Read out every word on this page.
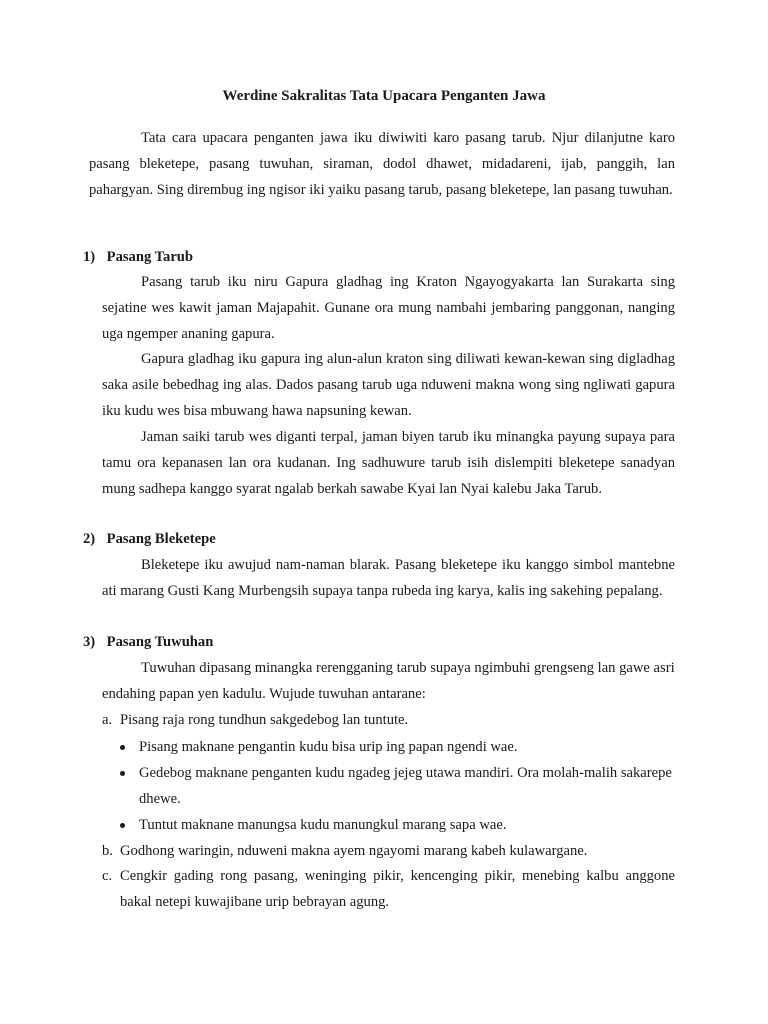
Werdine Sakralitas Tata Upacara Penganten Jawa

Tata cara upacara penganten jawa iku diwiwiti karo pasang tarub. Njur dilanjutne karo pasang bleketepe, pasang tuwuhan, siraman, dodol dhawet, midadareni, ijab, panggih, lan pahargyan. Sing dirembug ing ngisor iki yaiku pasang tarub, pasang bleketepe, lan pasang tuwuhan.

1) Pasang Tarub

Pasang tarub iku niru Gapura gladhag ing Kraton Ngayogyakarta lan Surakarta sing sejatine wes kawit jaman Majapahit. Gunane ora mung nambahi jembaring panggonan, nanging uga ngemper ananing gapura.

Gapura gladhag iku gapura ing alun-alun kraton sing diliwati kewan-kewan sing digladhag saka asile bebedhag ing alas. Dados pasang tarub uga nduweni makna wong sing ngliwati gapura iku kudu wes bisa mbuwang hawa napsuning kewan.

Jaman saiki tarub wes diganti terpal, jaman biyen tarub iku minangka payung supaya para tamu ora kepanasen lan ora kudanan. Ing sadhuwure tarub isih dislempiti bleketepe sanadyan mung sadhepa kanggo syarat ngalab berkah sawabe Kyai lan Nyai kalebu Jaka Tarub.

2) Pasang Bleketepe

Bleketepe iku awujud nam-naman blarak. Pasang bleketepe iku kanggo simbol mantebne ati marang Gusti Kang Murbengsih supaya tanpa rubeda ing karya, kalis ing sakehing pepalang.

3) Pasang Tuwuhan

Tuwuhan dipasang minangka rerengganing tarub supaya ngimbuhi grengseng lan gawe asri endahing papan yen kadulu. Wujude tuwuhan antarane:

a. Pisang raja rong tundhun sakgedebog lan tuntute.
Pisang maknane pengantin kudu bisa urip ing papan ngendi wae.
Gedebog maknane penganten kudu ngadeg jejeg utawa mandiri. Ora molah-malih sakarepe dhewe.
Tuntut maknane manungsa kudu manungkul marang sapa wae.
b. Godhong waringin, nduweni makna ayem ngayomi marang kabeh kulawargane.
c. Cengkir gading rong pasang, weninging pikir, kencenging pikir, menebing kalbu anggone bakal netepi kuwajibane urip bebrayan agung.
